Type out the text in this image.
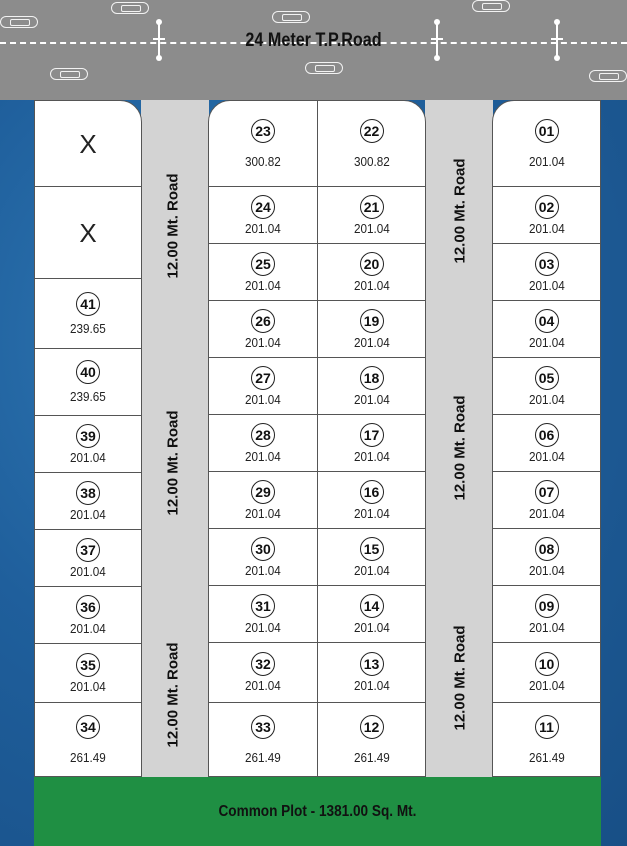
24 Meter T.P.Road
12.00 Mt. Road
12.00 Mt. Road
12.00 Mt. Road
12.00 Mt. Road
12.00 Mt. Road
12.00 Mt. Road
X
X
41
239.65
40
239.65
39
201.04
38
201.04
37
201.04
36
201.04
35
201.04
34
261.49
23
300.82
24
201.04
25
201.04
26
201.04
27
201.04
28
201.04
29
201.04
30
201.04
31
201.04
32
201.04
33
261.49
22
300.82
21
201.04
20
201.04
19
201.04
18
201.04
17
201.04
16
201.04
15
201.04
14
201.04
13
201.04
12
261.49
01
201.04
02
201.04
03
201.04
04
201.04
05
201.04
06
201.04
07
201.04
08
201.04
09
201.04
10
201.04
11
261.49
Common Plot - 1381.00 Sq. Mt.
